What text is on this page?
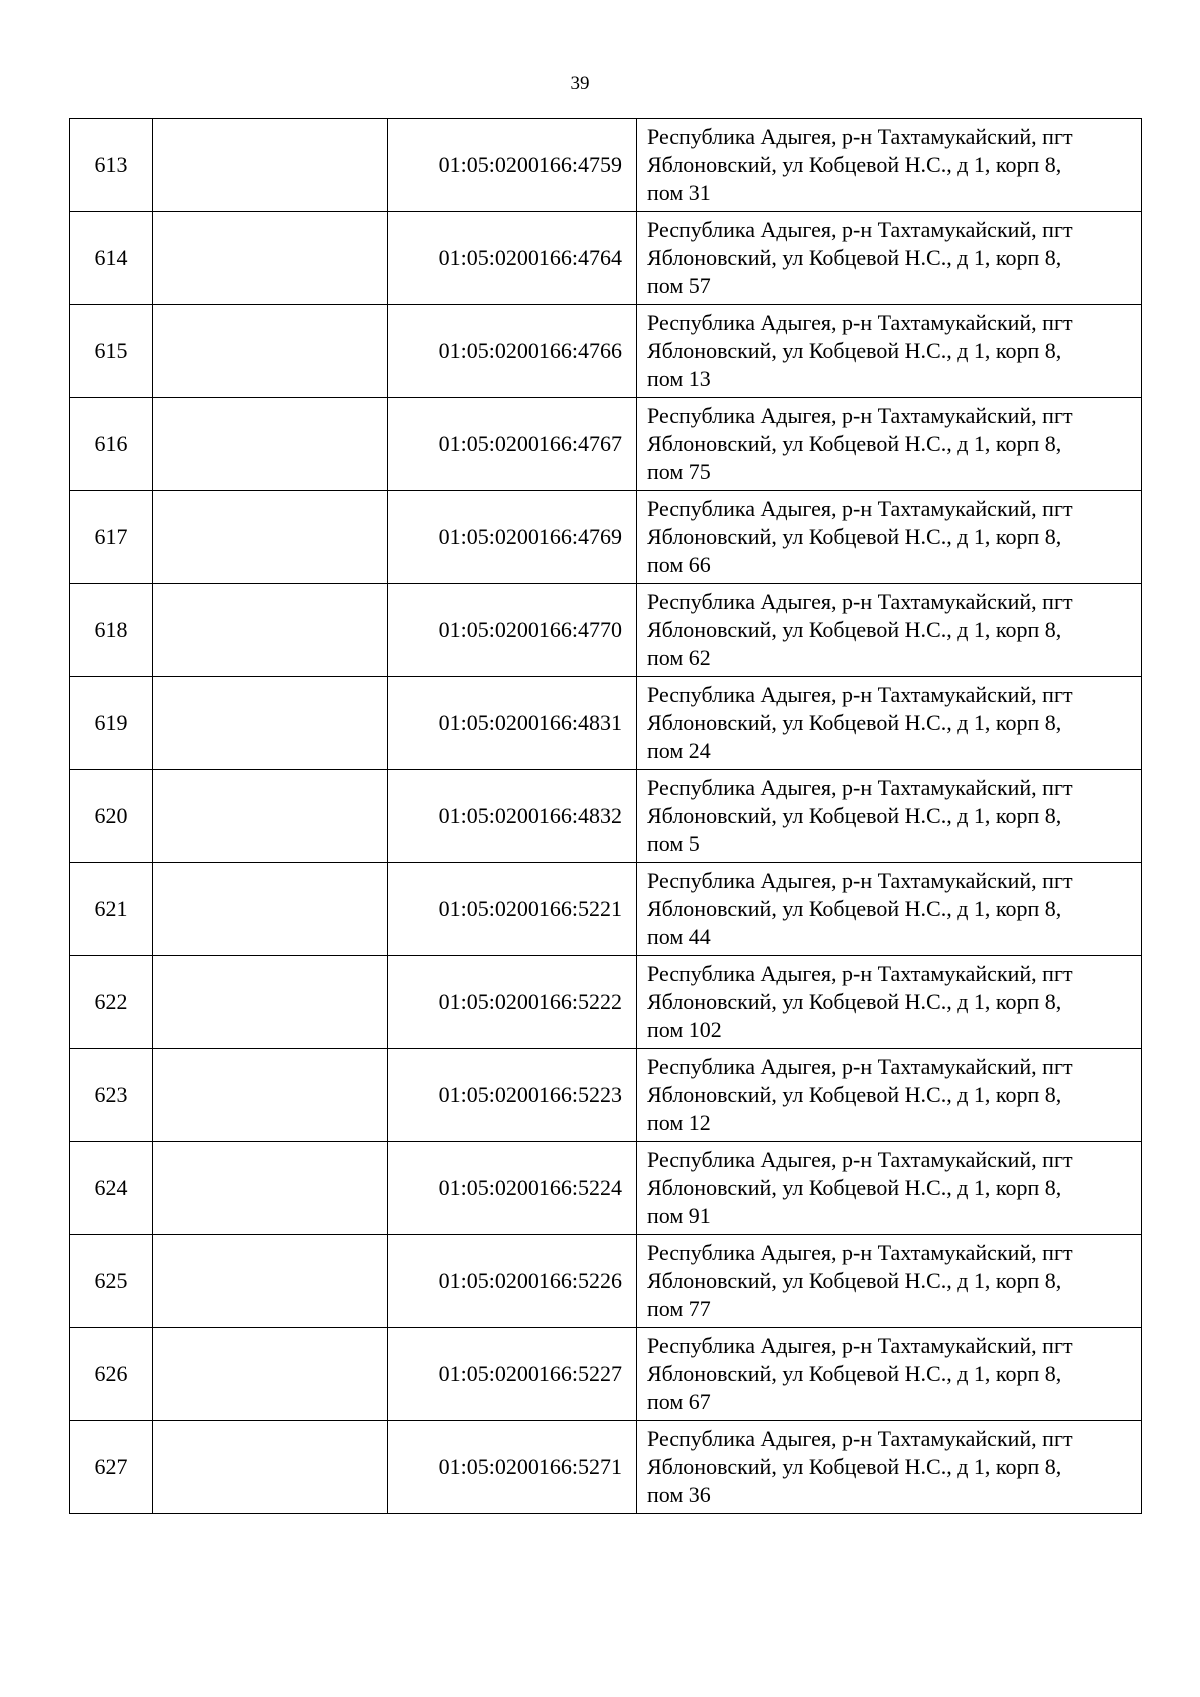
39
613		01:05:0200166:4759	Республика Адыгея, р-н Тахтамукайский, пгт
Яблоновский, ул Кобцевой Н.С., д 1, корп 8,
пом 31

614		01:05:0200166:4764	Республика Адыгея, р-н Тахтамукайский, пгт
Яблоновский, ул Кобцевой Н.С., д 1, корп 8,
пом 57

615		01:05:0200166:4766	Республика Адыгея, р-н Тахтамукайский, пгт
Яблоновский, ул Кобцевой Н.С., д 1, корп 8,
пом 13

616		01:05:0200166:4767	Республика Адыгея, р-н Тахтамукайский, пгт
Яблоновский, ул Кобцевой Н.С., д 1, корп 8,
пом 75

617		01:05:0200166:4769	Республика Адыгея, р-н Тахтамукайский, пгт
Яблоновский, ул Кобцевой Н.С., д 1, корп 8,
пом 66

618		01:05:0200166:4770	Республика Адыгея, р-н Тахтамукайский, пгт
Яблоновский, ул Кобцевой Н.С., д 1, корп 8,
пом 62

619		01:05:0200166:4831	Республика Адыгея, р-н Тахтамукайский, пгт
Яблоновский, ул Кобцевой Н.С., д 1, корп 8,
пом 24

620		01:05:0200166:4832	Республика Адыгея, р-н Тахтамукайский, пгт
Яблоновский, ул Кобцевой Н.С., д 1, корп 8,
пом 5

621		01:05:0200166:5221	Республика Адыгея, р-н Тахтамукайский, пгт
Яблоновский, ул Кобцевой Н.С., д 1, корп 8,
пом 44

622		01:05:0200166:5222	Республика Адыгея, р-н Тахтамукайский, пгт
Яблоновский, ул Кобцевой Н.С., д 1, корп 8,
пом 102

623		01:05:0200166:5223	Республика Адыгея, р-н Тахтамукайский, пгт
Яблоновский, ул Кобцевой Н.С., д 1, корп 8,
пом 12

624		01:05:0200166:5224	Республика Адыгея, р-н Тахтамукайский, пгт
Яблоновский, ул Кобцевой Н.С., д 1, корп 8,
пом 91

625		01:05:0200166:5226	Республика Адыгея, р-н Тахтамукайский, пгт
Яблоновский, ул Кобцевой Н.С., д 1, корп 8,
пом 77

626		01:05:0200166:5227	Республика Адыгея, р-н Тахтамукайский, пгт
Яблоновский, ул Кобцевой Н.С., д 1, корп 8,
пом 67

627		01:05:0200166:5271	Республика Адыгея, р-н Тахтамукайский, пгт
Яблоновский, ул Кобцевой Н.С., д 1, корп 8,
пом 36
